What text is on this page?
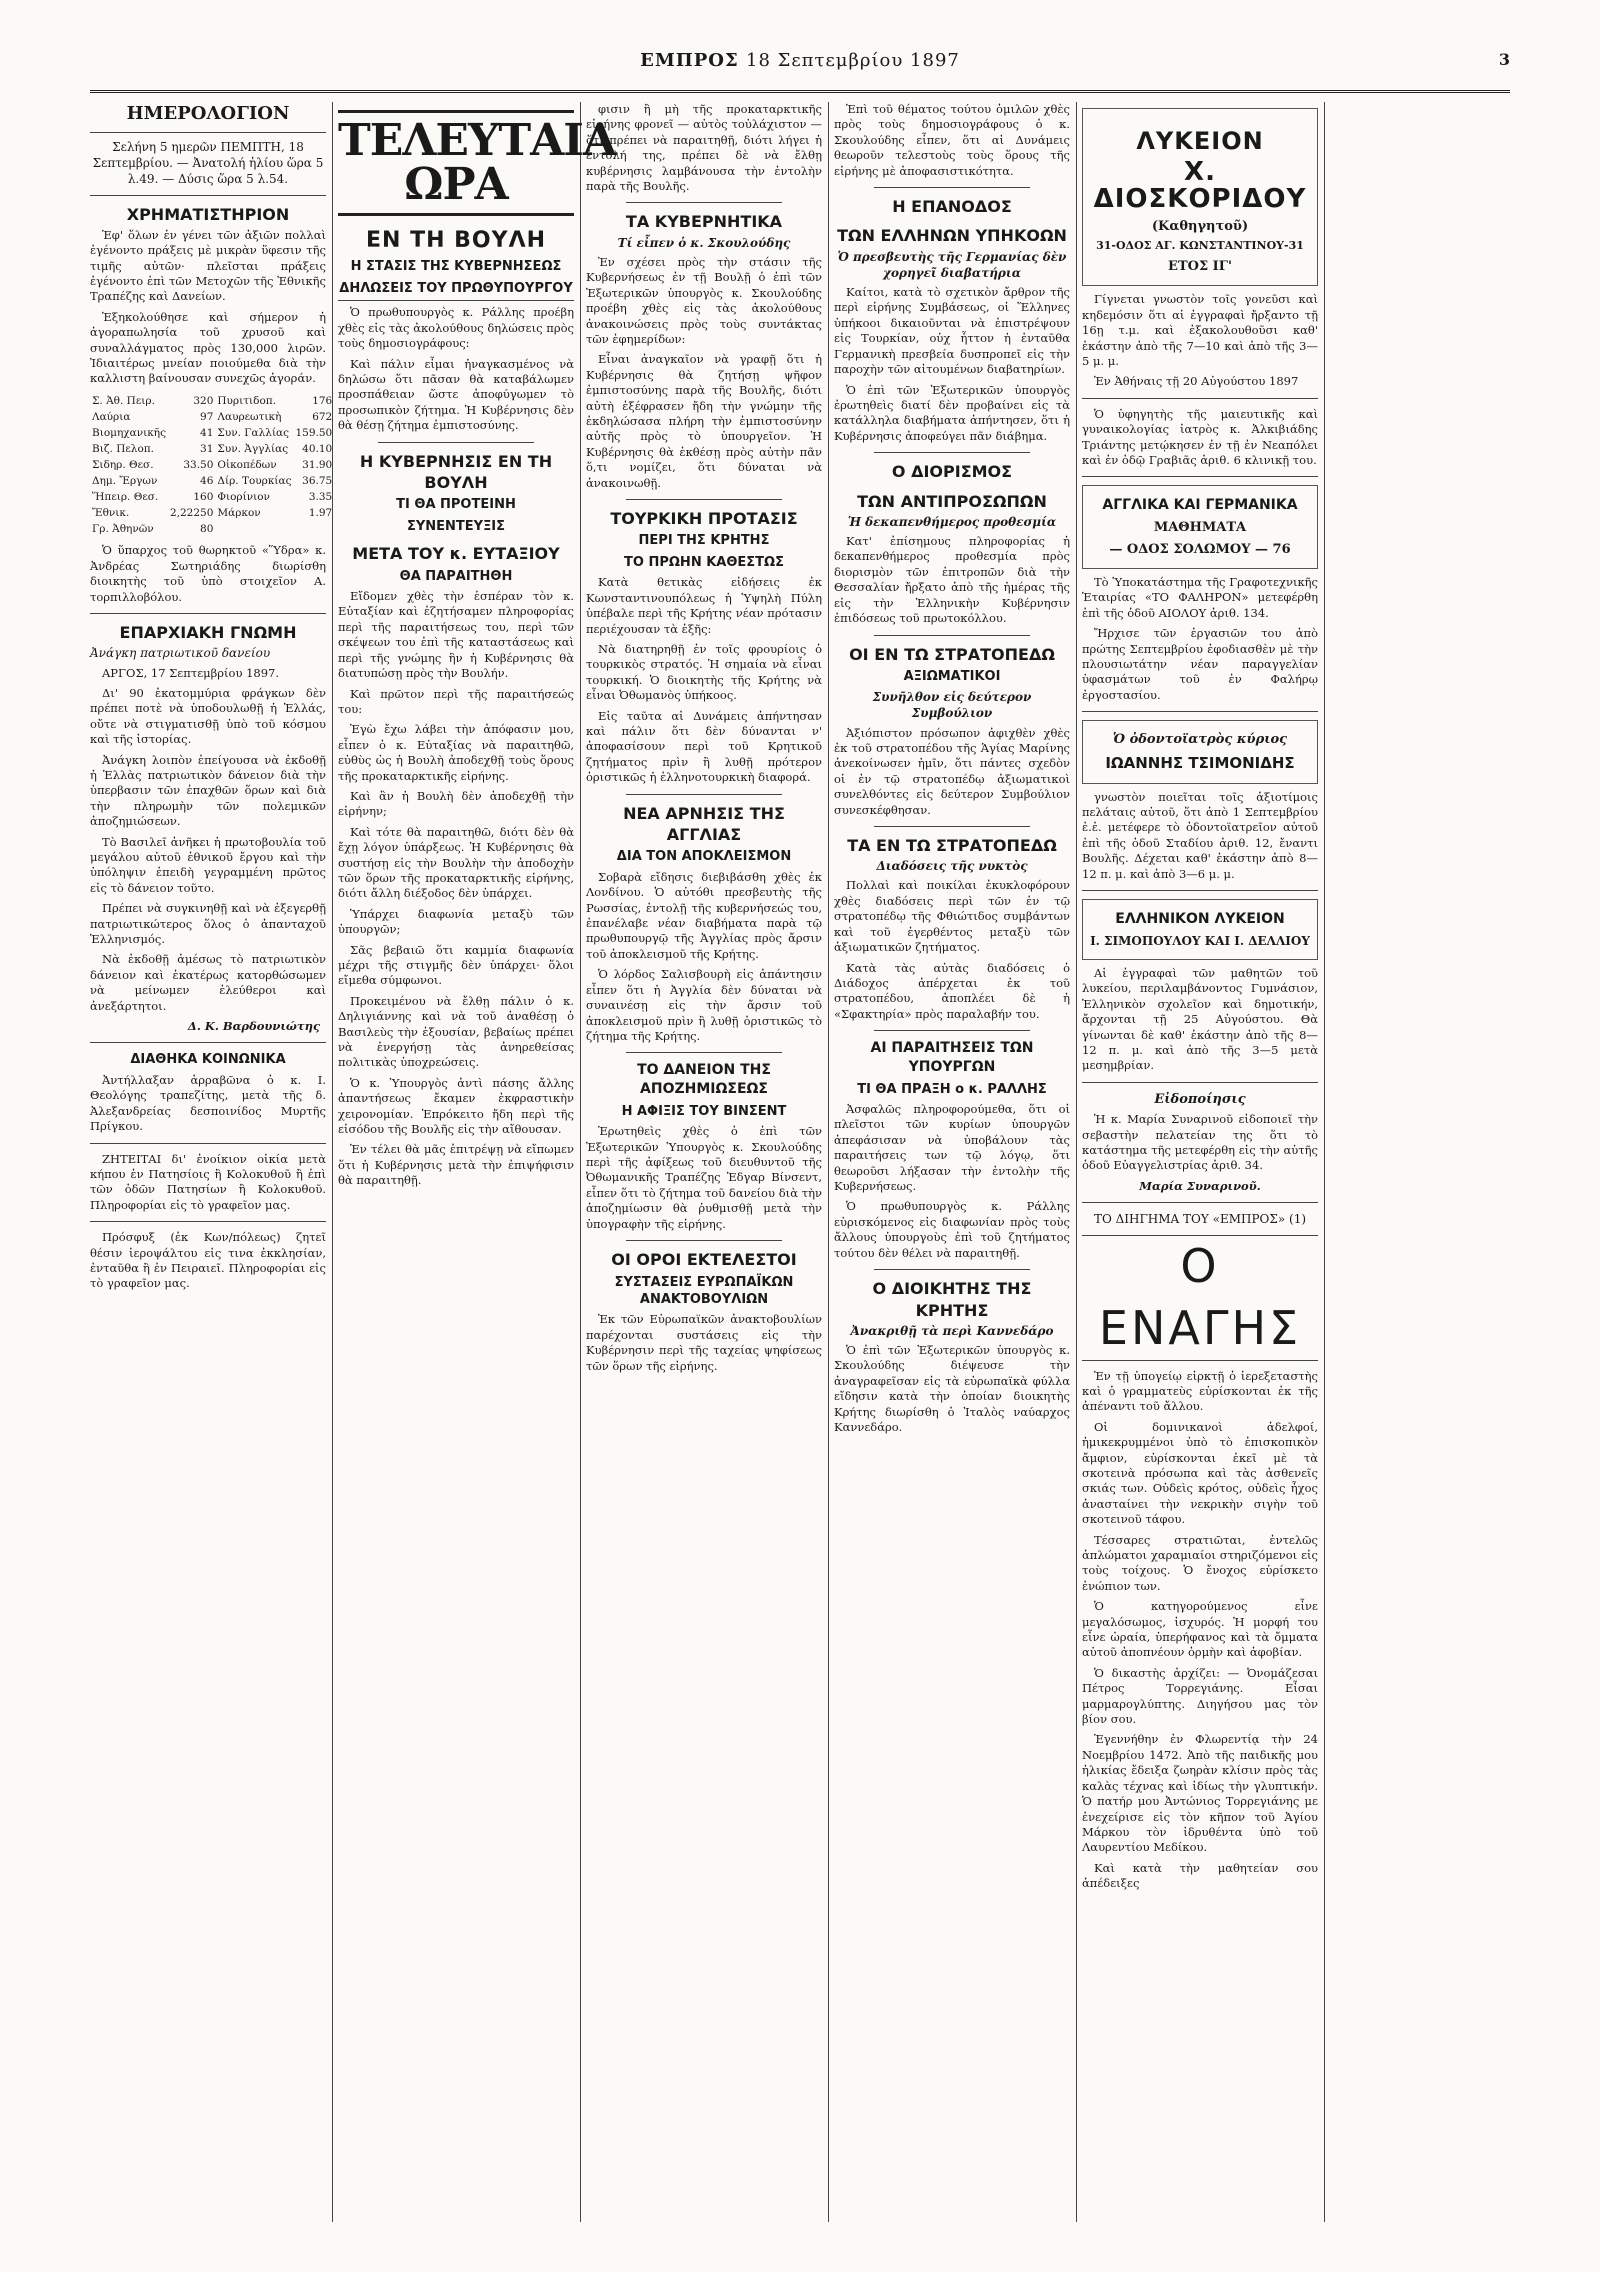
ΕΜΠΡΟΣ 18 Σεπτεμβρίου 1897	3
ΗΜΕΡΟΛΟΓΙΟΝ
Σελήνη 5 ημερῶν ΠΕΜΠΤΗ, 18 Σεπτεμβρίου. — Ἀνατολή ἡλίου ὥρα 5 λ.49. — Δύσις ὥρα 5 λ.54.
ΧΡΗΜΑΤΙΣΤΗΡΙΟΝ

Ἐφ' ὅλων ἐν γένει τῶν ἀξιῶν πολλαὶ ἐγένοντο πράξεις μὲ μικρὰν ὕφεσιν τῆς τιμῆς αὐτῶν· πλεῖσται πράξεις ἐγένοντο ἐπὶ τῶν Μετοχῶν τῆς Ἐθνικῆς Τραπέζης καὶ Δανείων.

Ἐξηκολούθησε καὶ σήμερον ἡ ἀγοραπωλησία τοῦ χρυσοῦ καὶ συναλλάγματος πρὸς 130,000 λιρῶν. Ἰδιαιτέρως μνείαν ποιούμεθα διὰ τὴν καλλιστη βαίνουσαν συνεχῶς ἀγοράν.

Σ. Ἀθ. Πειρ.	320	Πυριτιδοπ.	176
Λαύρια	97	Λαυρεωτικὴ	672
Βιομηχανικῆς	41	Συν. Γαλλίας	159.50
Βιζ. Πελοπ.	31	Συν. Ἀγγλίας	40.10
Σιδηρ. Θεσ.	33.50	Οἰκοπέδων	31.90
Δημ. Ἔργων	46	Δίρ. Τουρκίας	36.75
Ἥπειρ. Θεσ.	160	Φιορίνιον	3.35
Ἔθνικ.	2,22250	Μάρκον	1.97
Γρ. Ἀθηνῶν	80		

Ὁ ὕπαρχος τοῦ θωρηκτοῦ «Ὕδρα» κ. Ἀνδρέας Σωτηριάδης διωρίσθη διοικητὴς τοῦ ὑπὸ στοιχεῖον Α. τορπιλλοβόλου.

ΕΠΑΡΧΙΑΚΗ ΓΝΩΜΗ
Ἀνάγκη πατριωτικοῦ δανείου

ΑΡΓΟΣ, 17 Σεπτεμβρίου 1897.

Δι' 90 ἑκατομμύρια φράγκων δὲν πρέπει ποτὲ νὰ ὑποδουλωθῇ ἡ Ἑλλάς, οὔτε νὰ στιγματισθῇ ὑπὸ τοῦ κόσμου καὶ τῆς ἱστορίας.

Ἀνάγκη λοιπὸν ἐπείγουσα νὰ ἐκδοθῇ ἡ Ἑλλὰς πατριωτικὸν δάνειον διὰ τὴν ὑπερβασιν τῶν ἐπαχθῶν ὅρων καὶ διὰ τὴν πληρωμὴν τῶν πολεμικῶν ἀποζημιώσεων.

Τὸ Βασιλεῖ ἀνῆκει ἡ πρωτοβουλία τοῦ μεγάλου αὐτοῦ ἐθνικοῦ ἔργου καὶ τὴν ὑπόληψιν ἐπειδὴ γεγραμμένη πρῶτος εἰς τὸ δάνειον τοῦτο.

Πρέπει νὰ συγκινηθῇ καὶ νὰ ἐξεγερθῇ πατριωτικώτερος ὅλος ὁ ἀπανταχοῦ Ἑλληνισμός.

Νὰ ἐκδοθῇ ἀμέσως τὸ πατριωτικὸν δάνειον καὶ ἑκατέρως κατορθώσωμεν νὰ μείνωμεν ἐλεύθεροι καὶ ἀνεξάρτητοι.

Δ. Κ. Βαρδουνιώτης
ΔΙΑΘΗΚΑ ΚΟΙΝΩΝΙΚΑ

Ἀντήλλαξαν ἀρραβῶνα ὁ κ. Ι. Θεολόγης τραπεζίτης, μετὰ τῆς δ. Ἀλεξανδρείας δεσποινίδος Μυρτῆς Πρίγκου.

ΖΗΤΕΙΤΑΙ δι' ἐνοίκιον οἰκία μετὰ κήπου ἐν Πατησίοις ἢ Κολοκυθοῦ ἢ ἐπὶ τῶν ὁδῶν Πατησίων ἢ Κολοκυθοῦ. Πληροφορίαι εἰς τὸ γραφεῖον μας.

Πρόσφυξ (ἐκ Κων/πόλεως) ζητεῖ θέσιν ἱεροψάλτου εἰς τινα ἐκκλησίαν, ἐνταῦθα ἢ ἐν Πειραιεῖ. Πληροφορίαι εἰς τὸ γραφεῖον μας.

ΤΕΛΕΥΤΑΙΑ ΩΡΑ
ΕΝ ΤΗ ΒΟΥΛΗ
Η ΣΤΑΣΙΣ ΤΗΣ ΚΥΒΕΡΝΗΣΕΩΣ
ΔΗΛΩΣΕΙΣ ΤΟΥ ΠΡΩΘΥΠΟΥΡΓΟΥ

Ὁ πρωθυπουργὸς κ. Ράλλης προέβη χθὲς εἰς τὰς ἀκολούθους δηλώσεις πρὸς τοὺς δημοσιογράφους:

Καὶ πάλιν εἶμαι ἠναγκασμένος νὰ δηλώσω ὅτι πᾶσαν θὰ καταβάλωμεν προσπάθειαν ὥστε ἀποφύγωμεν τὸ προσωπικὸν ζήτημα. Ἡ Κυβέρνησις δὲν θὰ θέσῃ ζήτημα ἐμπιστοσύνης.

Η ΚΥΒΕΡΝΗΣΙΣ ΕΝ ΤΗ ΒΟΥΛΗ
ΤΙ ΘΑ ΠΡΟΤΕΙΝΗ
ΣΥΝΕΝΤΕΥΞΙΣ
ΜΕΤΑ ΤΟΥ κ. ΕΥΤΑΞΙΟΥ
ΘΑ ΠΑΡΑΙΤΗΘΗ

Εἴδομεν χθὲς τὴν ἑσπέραν τὸν κ. Εὐταξίαν καὶ ἐζητήσαμεν πληροφορίας περὶ τῆς παραιτήσεως του, περὶ τῶν σκέψεων του ἐπὶ τῆς καταστάσεως καὶ περὶ τῆς γνώμης ἣν ἡ Κυβέρνησις θὰ διατυπώσῃ πρὸς τὴν Βουλήν.

Καὶ πρῶτον περὶ τῆς παραιτήσεώς του:

Ἐγὼ ἔχω λάβει τὴν ἀπόφασιν μου, εἶπεν ὁ κ. Εὐταξίας νὰ παραιτηθῶ, εὐθὺς ὡς ἡ Βουλὴ ἀποδεχθῇ τοὺς ὅρους τῆς προκαταρκτικῆς εἰρήνης.

Καὶ ἂν ἡ Βουλὴ δὲν ἀποδεχθῇ τὴν εἰρήνην;

Καὶ τότε θὰ παραιτηθῶ, διότι δὲν θὰ ἔχῃ λόγον ὑπάρξεως. Ἡ Κυβέρνησις θὰ συστήσῃ εἰς τὴν Βουλὴν τὴν ἀποδοχὴν τῶν ὅρων τῆς προκαταρκτικῆς εἰρήνης, διότι ἄλλη διέξοδος δὲν ὑπάρχει.

Ὑπάρχει διαφωνία μεταξὺ τῶν ὑπουργῶν;

Σᾶς βεβαιῶ ὅτι καμμία διαφωνία μέχρι τῆς στιγμῆς δὲν ὑπάρχει· ὅλοι εἴμεθα σύμφωνοι.

Προκειμένου νὰ ἔλθῃ πάλιν ὁ κ. Δηλιγιάννης καὶ νὰ τοῦ ἀναθέσῃ ὁ Βασιλεὺς τὴν ἐξουσίαν, βεβαίως πρέπει νὰ ἐνεργήσῃ τὰς ἀνηρεθείσας πολιτικὰς ὑποχρεώσεις.

Ὁ κ. Ὑπουργὸς ἀντὶ πάσης ἄλλης ἀπαντήσεως ἔκαμεν ἐκφραστικὴν χειρονομίαν. Ἐπρόκειτο ἤδη περὶ τῆς εἰσόδου τῆς Βουλῆς εἰς τὴν αἴθουσαν.

Ἐν τέλει θὰ μᾶς ἐπιτρέψῃ νὰ εἴπωμεν ὅτι ἡ Κυβέρνησις μετὰ τὴν ἐπιψήφισιν θὰ παραιτηθῇ.

φισιν ἢ μὴ τῆς προκαταρκτικῆς εἰρήνης φρονεῖ — αὐτὸς τοὐλάχιστον — ὅτι πρέπει νὰ παραιτηθῇ, διότι λήγει ἡ ἐντολή της, πρέπει δὲ νὰ ἔλθῃ κυβέρνησις λαμβάνουσα τὴν ἐντολὴν παρὰ τῆς Βουλῆς.

ΤΑ ΚΥΒΕΡΝΗΤΙΚΑ
Τί εἶπεν ὁ κ. Σκουλούδης

Ἐν σχέσει πρὸς τὴν στάσιν τῆς Κυβερνήσεως ἐν τῇ Βουλῇ ὁ ἐπὶ τῶν Ἐξωτερικῶν ὑπουργὸς κ. Σκουλούδης προέβη χθὲς εἰς τὰς ἀκολούθους ἀνακοινώσεις πρὸς τοὺς συντάκτας τῶν ἐφημερίδων:

Εἶναι ἀναγκαῖον νὰ γραφῇ ὅτι ἡ Κυβέρνησις θὰ ζητήσῃ ψῆφον ἐμπιστοσύνης παρὰ τῆς Βουλῆς, διότι αὐτὴ ἐξέφρασεν ἤδη τὴν γνώμην τῆς ἐκδηλώσασα πλήρη τὴν ἐμπιστοσύνην αὐτῆς πρὸς τὸ ὑπουργεῖον. Ἡ Κυβέρνησις θὰ ἐκθέσῃ πρὸς αὐτὴν πᾶν ὅ,τι νομίζει, ὅτι δύναται νὰ ἀνακοινωθῇ.

ΤΟΥΡΚΙΚΗ ΠΡΟΤΑΣΙΣ
ΠΕΡΙ ΤΗΣ ΚΡΗΤΗΣ
ΤΟ ΠΡΩΗΝ ΚΑΘΕΣΤΩΣ

Κατὰ θετικὰς εἰδήσεις ἐκ Κωνσταντινουπόλεως ἡ Ὑψηλὴ Πύλη ὑπέβαλε περὶ τῆς Κρήτης νέαν πρότασιν περιέχουσαν τὰ ἑξῆς:

Νὰ διατηρηθῇ ἐν τοῖς φρουρίοις ὁ τουρκικὸς στρατός. Ἡ σημαία νὰ εἶναι τουρκική. Ὁ διοικητὴς τῆς Κρήτης νὰ εἶναι Ὀθωμανὸς ὑπήκοος.

Εἰς ταῦτα αἱ Δυνάμεις ἀπήντησαν καὶ πάλιν ὅτι δὲν δύνανται ν' ἀποφασίσουν περὶ τοῦ Κρητικοῦ ζητήματος πρὶν ἢ λυθῇ πρότερον ὁριστικῶς ἡ ἑλληνοτουρκικὴ διαφορά.

ΝΕΑ ΑΡΝΗΣΙΣ ΤΗΣ ΑΓΓΛΙΑΣ
ΔΙΑ ΤΟΝ ΑΠΟΚΛΕΙΣΜΟΝ

Σοβαρὰ εἴδησις διεβιβάσθη χθὲς ἐκ Λονδίνου. Ὁ αὐτόθι πρεσβευτὴς τῆς Ρωσσίας, ἐντολῇ τῆς κυβερνήσεώς του, ἐπανέλαβε νέαν διαβήματα παρὰ τῷ πρωθυπουργῷ τῆς Ἀγγλίας πρὸς ἄρσιν τοῦ ἀποκλεισμοῦ τῆς Κρήτης.

Ὁ λόρδος Σαλισβουρὴ εἰς ἀπάντησιν εἶπεν ὅτι ἡ Ἀγγλία δὲν δύναται νὰ συναινέσῃ εἰς τὴν ἄρσιν τοῦ ἀποκλεισμοῦ πρὶν ἢ λυθῇ ὁριστικῶς τὸ ζήτημα τῆς Κρήτης.

ΤΟ ΔΑΝΕΙΟΝ ΤΗΣ ΑΠΟΖΗΜΙΩΣΕΩΣ
Η ΑΦΙΞΙΣ ΤΟΥ ΒΙΝΣΕΝΤ

Ἐρωτηθεὶς χθὲς ὁ ἐπὶ τῶν Ἐξωτερικῶν Ὑπουργὸς κ. Σκουλούδης περὶ τῆς ἀφίξεως τοῦ διευθυντοῦ τῆς Ὀθωμανικῆς Τραπέζης Ἐδγαρ Βίνσεντ, εἶπεν ὅτι τὸ ζήτημα τοῦ δανείου διὰ τὴν ἀποζημίωσιν θὰ ῥυθμισθῇ μετὰ τὴν ὑπογραφὴν τῆς εἰρήνης.

ΟΙ ΟΡΟΙ ΕΚΤΕΛΕΣΤΟΙ
ΣΥΣΤΑΣΕΙΣ ΕΥΡΩΠΑΪΚΩΝ ΑΝΑΚΤΟΒΟΥΛΙΩΝ

Ἐκ τῶν Εὐρωπαϊκῶν ἀνακτοβουλίων παρέχονται συστάσεις εἰς τὴν Κυβέρνησιν περὶ τῆς ταχείας ψηφίσεως τῶν ὅρων τῆς εἰρήνης.

Ἐπὶ τοῦ θέματος τούτου ὁμιλῶν χθὲς πρὸς τοὺς δημοσιογράφους ὁ κ. Σκουλούδης εἶπεν, ὅτι αἱ Δυνάμεις θεωροῦν τελεστοὺς τοὺς ὅρους τῆς εἰρήνης μὲ ἀποφασιστικότητα.

Η ΕΠΑΝΟΔΟΣ
ΤΩΝ ΕΛΛΗΝΩΝ ΥΠΗΚΟΩΝ
Ὁ πρεσβευτὴς τῆς Γερμανίας δὲν χορηγεῖ διαβατήρια

Καίτοι, κατὰ τὸ σχετικὸν ἄρθρον τῆς περὶ εἰρήνης Συμβάσεως, οἱ Ἕλληνες ὑπήκοοι δικαιοῦνται νὰ ἐπιστρέψουν εἰς Τουρκίαν, οὐχ ἧττον ἡ ἐνταῦθα Γερμανικὴ πρεσβεία δυσπροπεῖ εἰς τὴν παροχὴν τῶν αἰτουμένων διαβατηρίων.

Ὁ ἐπὶ τῶν Ἐξωτερικῶν ὑπουργὸς ἐρωτηθεὶς διατί δὲν προβαίνει εἰς τὰ κατάλληλα διαβήματα ἀπήντησεν, ὅτι ἡ Κυβέρνησις ἀποφεύγει πᾶν διάβημα.

Ο ΔΙΟΡΙΣΜΟΣ
ΤΩΝ ΑΝΤΙΠΡΟΣΩΠΩΝ
Ἡ δεκαπενθήμερος προθεσμία

Κατ' ἐπίσημους πληροφορίας ἡ δεκαπενθήμερος προθεσμία πρὸς διορισμὸν τῶν ἐπιτροπῶν διὰ τὴν Θεσσαλίαν ἤρξατο ἀπὸ τῆς ἡμέρας τῆς εἰς τὴν Ἑλληνικὴν Κυβέρνησιν ἐπιδόσεως τοῦ πρωτοκόλλου.

ΟΙ ΕΝ ΤΩ ΣΤΡΑΤΟΠΕΔΩ
ΑΞΙΩΜΑΤΙΚΟΙ
Συνῆλθον εἰς δεύτερον Συμβούλιον

Ἀξιόπιστον πρόσωπον ἀφιχθὲν χθὲς ἐκ τοῦ στρατοπέδου τῆς Ἁγίας Μαρίνης ἀνεκοίνωσεν ἡμῖν, ὅτι πάντες σχεδὸν οἱ ἐν τῷ στρατοπέδῳ ἀξιωματικοὶ συνελθόντες εἰς δεύτερον Συμβούλιον συνεσκέφθησαν.

ΤΑ ΕΝ ΤΩ ΣΤΡΑΤΟΠΕΔΩ
Διαδόσεις τῆς νυκτὸς

Πολλαὶ καὶ ποικίλαι ἐκυκλοφόρουν χθὲς διαδόσεις περὶ τῶν ἐν τῷ στρατοπέδῳ τῆς Φθιώτιδος συμβάντων καὶ τοῦ ἐγερθέντος μεταξὺ τῶν ἀξιωματικῶν ζητήματος.

Κατὰ τὰς αὐτὰς διαδόσεις ὁ Διάδοχος ἀπέρχεται ἐκ τοῦ στρατοπέδου, ἀποπλέει δὲ ἡ «Σφακτηρία» πρὸς παραλαβήν του.

ΑΙ ΠΑΡΑΙΤΗΣΕΙΣ ΤΩΝ ΥΠΟΥΡΓΩΝ
ΤΙ ΘΑ ΠΡΑΞΗ ο κ. ΡΑΛΛΗΣ

Ἀσφαλῶς πληροφορούμεθα, ὅτι οἱ πλεῖστοι τῶν κυρίων ὑπουργῶν ἀπεφάσισαν νὰ ὑποβάλουν τὰς παραιτήσεις των τῷ λόγῳ, ὅτι θεωροῦσι λήξασαν τὴν ἐντολὴν τῆς Κυβερνήσεως.

Ὁ πρωθυπουργὸς κ. Ράλλης εὑρισκόμενος εἰς διαφωνίαν πρὸς τοὺς ἄλλους ὑπουργοὺς ἐπὶ τοῦ ζητήματος τούτου δὲν θέλει νὰ παραιτηθῇ.

Ο ΔΙΟΙΚΗΤΗΣ ΤΗΣ ΚΡΗΤΗΣ
Ἀνακριθῇ τὰ περὶ Καννεδάρο

Ὁ ἐπὶ τῶν Ἐξωτερικῶν ὑπουργὸς κ. Σκουλούδης διέψευσε τὴν ἀναγραφεῖσαν εἰς τὰ εὐρωπαϊκὰ φύλλα εἴδησιν κατὰ τὴν ὁποίαν διοικητὴς Κρήτης διωρίσθη ὁ Ἰταλὸς ναύαρχος Καννεδάρο.

ΛΥΚΕΙΟΝ
Χ. ΔΙΟΣΚΟΡΙΔΟΥ
(Καθηγητοῦ)
31-ΟΔΟΣ ΑΓ. ΚΩΝΣΤΑΝΤΙΝΟΥ-31
ΕΤΟΣ ΙΓ'

Γίγνεται γνωστὸν τοῖς γονεῦσι καὶ κηδεμόσιν ὅτι αἱ ἐγγραφαὶ ἤρξαντο τῇ 16ῃ τ.μ. καὶ ἐξακολουθοῦσι καθ' ἑκάστην ἀπὸ τῆς 7—10 καὶ ἀπὸ τῆς 3—5 μ. μ.

Ἐν Ἀθήναις τῇ 20 Αὐγούστου 1897

Ὁ ὑφηγητὴς τῆς μαιευτικῆς καὶ γυναικολογίας ἰατρὸς κ. Ἀλκιβιάδης Τριάντης μετῴκησεν ἐν τῇ ἐν Νεαπόλει καὶ ἐν ὁδῷ Γραβιᾶς ἀριθ. 6 κλινικῇ του.

ΑΓΓΛΙΚΑ ΚΑΙ ΓΕΡΜΑΝΙΚΑ
ΜΑΘΗΜΑΤΑ
— ΟΔΟΣ ΣΟΛΩΜΟΥ — 76

Τὸ Ὑποκατάστημα τῆς Γραφοτεχνικῆς Ἑταιρίας «ΤΟ ΦΑΛΗΡΟΝ» μετεφέρθη ἐπὶ τῆς ὁδοῦ ΑΙΟΛΟΥ ἀριθ. 134.

Ἤρχισε τῶν ἐργασιῶν του ἀπὸ πρώτης Σεπτεμβρίου ἐφοδιασθὲν μὲ τὴν πλουσιωτάτην νέαν παραγγελίαν ὑφασμάτων τοῦ ἐν Φαλήρῳ ἐργοστασίου.

Ὁ ὀδοντοϊατρὸς κύριος
ΙΩΑΝΝΗΣ ΤΣΙΜΟΝΙΔΗΣ

γνωστὸν ποιεῖται τοῖς ἀξιοτίμοις πελάταις αὐτοῦ, ὅτι ἀπὸ 1 Σεπτεμβρίου ἐ.ἐ. μετέφερε τὸ ὁδοντοϊατρεῖον αὐτοῦ ἐπὶ τῆς ὁδοῦ Σταδίου ἀριθ. 12, ἔναντι Βουλῆς. Δέχεται καθ' ἑκάστην ἀπὸ 8—12 π. μ. καὶ ἀπὸ 3—6 μ. μ.

ΕΛΛΗΝΙΚΟΝ ΛΥΚΕΙΟΝ
Ι. ΣΙΜΟΠΟΥΛΟΥ ΚΑΙ Ι. ΔΕΛΛΙΟΥ

Αἱ ἐγγραφαὶ τῶν μαθητῶν τοῦ λυκείου, περιλαμβάνοντος Γυμνάσιον, Ἑλληνικὸν σχολεῖον καὶ δημοτικήν, ἄρχονται τῇ 25 Αὐγούστου. Θὰ γίνωνται δὲ καθ' ἑκάστην ἀπὸ τῆς 8—12 π. μ. καὶ ἀπὸ τῆς 3—5 μετὰ μεσημβρίαν.

Εἰδοποίησις

Ἡ κ. Μαρία Συναρινοῦ εἰδοποιεῖ τὴν σεβαστὴν πελατείαν της ὅτι τὸ κατάστημα τῆς μετεφέρθη εἰς τὴν αὐτῆς ὁδοῦ Εὐαγγελιστρίας ἀριθ. 34.

Μαρία Συναρινοῦ.
ΤΟ ΔΙΗΓΗΜΑ ΤΟΥ «ΕΜΠΡΟΣ» (1)
Ο ΕΝΑΓΗΣ

Ἐν τῇ ὑπογείῳ εἱρκτῇ ὁ ἱερεξεταστὴς καὶ ὁ γραμματεὺς εὑρίσκονται ἐκ τῆς ἀπέναντι τοῦ ἄλλου.

Οἱ δομινικανοὶ ἀδελφοί, ἡμικεκρυμμένοι ὑπὸ τὸ ἐπισκοπικὸν ἄμφιον, εὑρίσκονται ἐκεῖ μὲ τὰ σκοτεινὰ πρόσωπα καὶ τὰς ἀσθενεῖς σκιάς των. Οὐδεὶς κρότος, οὐδεὶς ἦχος ἀνασταίνει τὴν νεκρικὴν σιγὴν τοῦ σκοτεινοῦ τάφου.

Τέσσαρες στρατιῶται, ἐντελῶς ἀπλώματοι χαραμιαίοι στηριζόμενοι εἰς τοὺς τοίχους. Ὁ ἔνοχος εὑρίσκετο ἐνώπιον των.

Ὁ κατηγορούμενος εἶνε μεγαλόσωμος, ἰσχυρός. Ἡ μορφή του εἶνε ὡραία, ὑπερήφανος καὶ τὰ ὄμματα αὐτοῦ ἀποπνέουν ὁρμὴν καὶ ἀφοβίαν.

Ὁ δικαστὴς ἀρχίζει: — Ὀνομάζεσαι Πέτρος Τορρεγιάνης. Εἶσαι μαρμαρογλύπτης. Διηγήσου μας τὸν βίον σου.

Ἐγεννήθην ἐν Φλωρεντίᾳ τὴν 24 Νοεμβρίου 1472. Ἀπὸ τῆς παιδικῆς μου ἡλικίας ἔδειξα ζωηρὰν κλίσιν πρὸς τὰς καλὰς τέχνας καὶ ἰδίως τὴν γλυπτικήν. Ὁ πατήρ μου Ἀντώνιος Τορρεγιάνης με ἐνεχείρισε εἰς τὸν κῆπον τοῦ Ἀγίου Μάρκου τὸν ἱδρυθέντα ὑπὸ τοῦ Λαυρεντίου Μεδίκου.

Καὶ κατὰ τὴν μαθητείαν σου ἀπέδειξες
